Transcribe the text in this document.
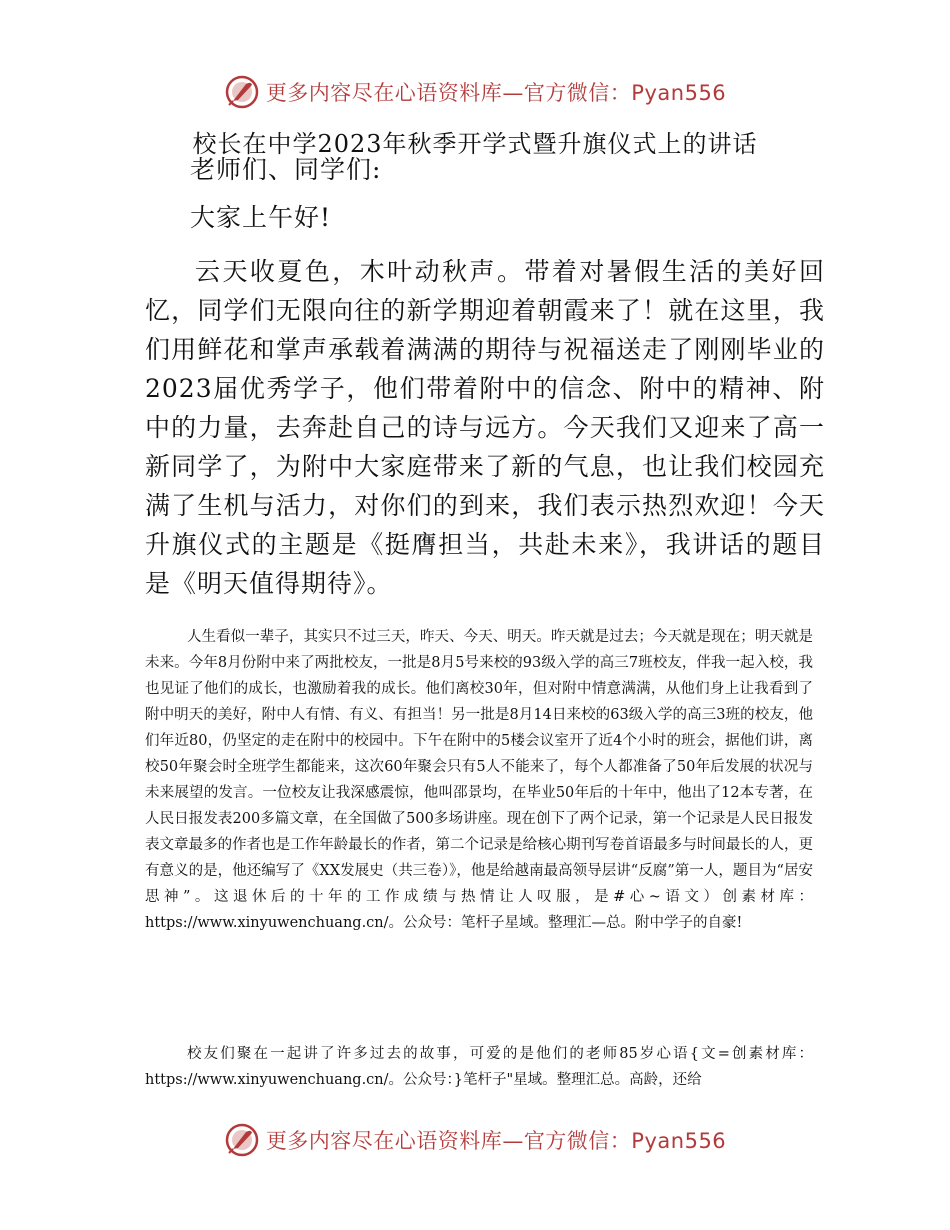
更多内容尽在心语资料库—官方微信：Pyan556
校长在中学2023年秋季开学式暨升旗仪式上的讲话

老师们、同学们:

大家上午好!

云天收夏色，木叶动秋声。带着对暑假生活的美好回忆，同学们无限向往的新学期迎着朝霞来了！就在这里，我们用鲜花和掌声承载着满满的期待与祝福送走了刚刚毕业的2023届优秀学子，他们带着附中的信念、附中的精神、附中的力量，去奔赴自己的诗与远方。今天我们又迎来了高一新同学了，为附中大家庭带来了新的气息，也让我们校园充满了生机与活力，对你们的到来，我们表示热烈欢迎！今天升旗仪式的主题是《挺膺担当，共赴未来》，我讲话的题目是《明天值得期待》。

人生看似一辈子，其实只不过三天，昨天、今天、明天。昨天就是过去；今天就是现在；明天就是未来。今年8月份附中来了两批校友，一批是8月5号来校的93级入学的高三7班校友，伴我一起入校，我也见证了他们的成长，也激励着我的成长。他们离校30年，但对附中情意满满，从他们身上让我看到了附中明天的美好，附中人有情、有义、有担当！另一批是8月14日来校的63级入学的高三3班的校友，他们年近80，仍坚定的走在附中的校园中。下午在附中的5楼会议室开了近4个小时的班会，据他们讲，离校50年聚会时全班学生都能来，这次60年聚会只有5人不能来了，每个人都准备了50年后发展的状况与未来展望的发言。一位校友让我深感震惊，他叫邵景均，在毕业50年后的十年中，他出了12本专著，在人民日报发表200多篇文章，在全国做了500多场讲座。现在创下了两个记录，第一个记录是人民日报发表文章最多的作者也是工作年龄最长的作者，第二个记录是给核心期刊写卷首语最多与时间最长的人，更有意义的是，他还编写了《XX发展史（共三卷）》，他是给越南最高领导层讲“反腐”第一人，题目为“居安思神”。这退休后的十年的工作成绩与热情让人叹服，是#心~语文）创素材库：https://www.xinyuwenchuang.cn/。公众号：笔杆子星域。整理汇—总。附中学子的自豪!

校友们聚在一起讲了许多过去的故事，可爱的是他们的老师85岁心语{文=创素材库：https://www.xinyuwenchuang.cn/。公众号：}笔杆子"星域。整理汇总。高龄，还给

更多内容尽在心语资料库—官方微信：Pyan556
